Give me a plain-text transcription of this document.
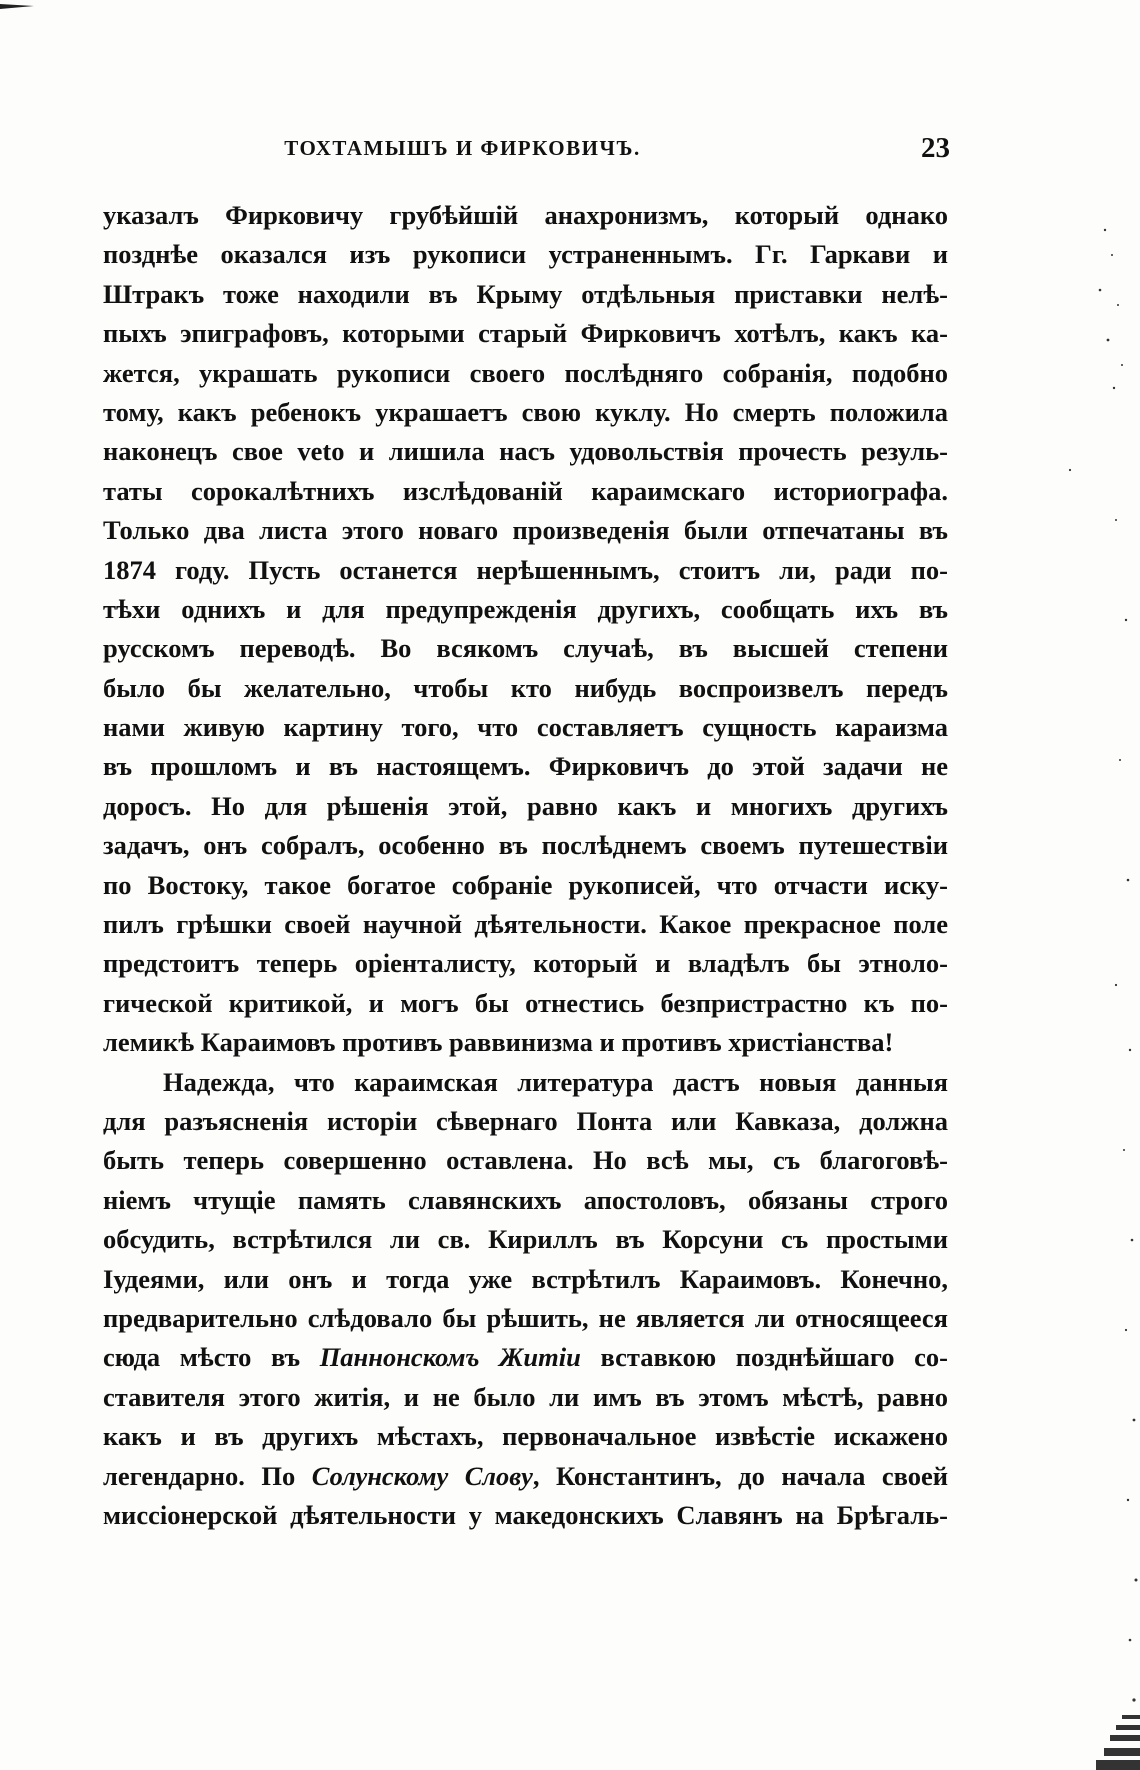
ТОХТАМЫШЪ И ФИРКОВИЧЪ.	23
указалъ Фирковичу грубѣйшій анахронизмъ, который однако
позднѣе оказался изъ рукописи устраненнымъ. Гг. Гаркави и
Штракъ тоже находили въ Крыму отдѣльныя приставки нелѣ-
пыхъ эпиграфовъ, которыми старый Фирковичъ хотѣлъ, какъ ка-
жется, украшать рукописи своего послѣдняго собранія, подобно
тому, какъ ребенокъ украшаетъ свою куклу. Но смерть положила
наконецъ свое veto и лишила насъ удовольствія прочесть резуль-
таты сорокалѣтнихъ изслѣдованій караимскаго историографа.
Только два листа этого новаго произведенія были отпечатаны въ
1874 году. Пусть останется нерѣшеннымъ, стоитъ ли, ради по-
тѣхи однихъ и для предупрежденія другихъ, сообщать ихъ въ
русскомъ переводѣ. Во всякомъ случаѣ, въ высшей степени
было бы желательно, чтобы кто нибудь воспроизвелъ передъ
нами живую картину того, что составляетъ сущность караизма
въ прошломъ и въ настоящемъ. Фирковичъ до этой задачи не
доросъ. Но для рѣшенія этой, равно какъ и многихъ другихъ
задачъ, онъ собралъ, особенно въ послѣднемъ своемъ путешествіи
по Востоку, такое богатое собраніе рукописей, что отчасти иску-
пилъ грѣшки своей научной дѣятельности. Какое прекрасное поле
предстоитъ теперь оріенталисту, который и владѣлъ бы этноло-
гической критикой, и могъ бы отнестись безпристрастно къ по-
лемикѣ Караимовъ противъ раввинизма и противъ христіанства!
Надежда, что караимская литература дастъ новыя данныя
для разъясненія исторіи сѣвернаго Понта или Кавказа, должна
быть теперь совершенно оставлена. Но всѣ мы, съ благоговѣ-
ніемъ чтущіе память славянскихъ апостоловъ, обязаны строго
обсудить, встрѣтился ли св. Кириллъ въ Корсуни съ простыми
Іудеями, или онъ и тогда уже встрѣтилъ Караимовъ. Конечно,
предварительно слѣдовало бы рѣшить, не является ли относящееся
сюда мѣсто въ Паннонскомъ Житіи вставкою позднѣйшаго со-
ставителя этого житія, и не было ли имъ въ этомъ мѣстѣ, равно
какъ и въ другихъ мѣстахъ, первоначальное извѣстіе искажено
легендарно. По Солунскому Слову, Константинъ, до начала своей
миссіонерской дѣятельности у македонскихъ Славянъ на Брѣгаль-
